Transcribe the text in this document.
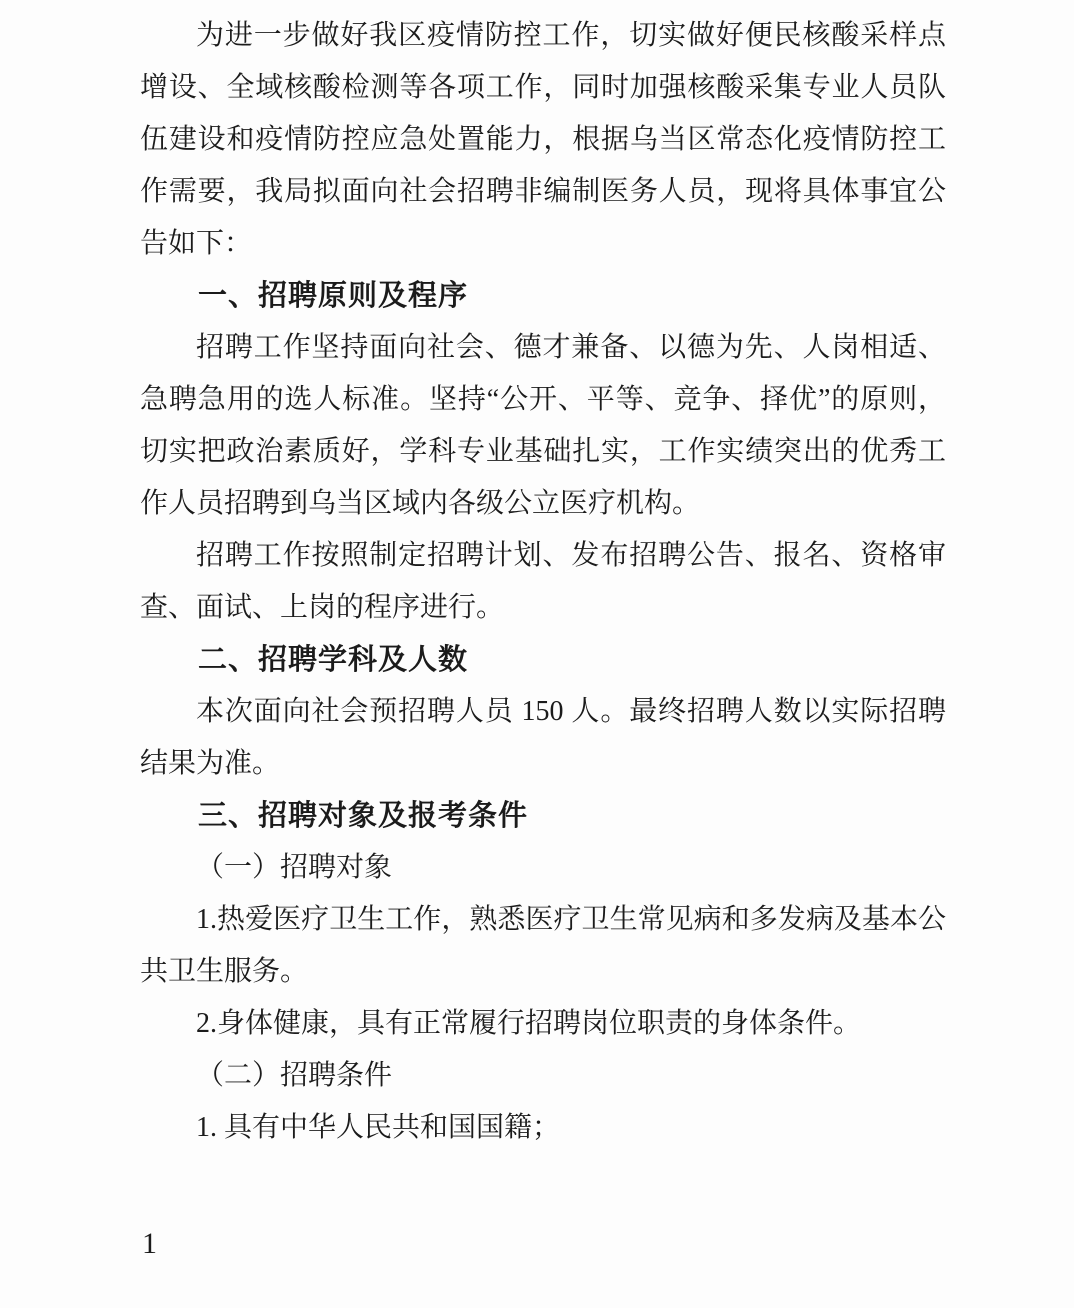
为进一步做好我区疫情防控工作，切实做好便民核酸采样点增设、全域核酸检测等各项工作，同时加强核酸采集专业人员队伍建设和疫情防控应急处置能力，根据乌当区常态化疫情防控工作需要，我局拟面向社会招聘非编制医务人员，现将具体事宜公告如下：

一、招聘原则及程序

招聘工作坚持面向社会、德才兼备、以德为先、人岗相适、急聘急用的选人标准。坚持“公开、平等、竞争、择优”的原则，切实把政治素质好，学科专业基础扎实，工作实绩突出的优秀工作人员招聘到乌当区域内各级公立医疗机构。

招聘工作按照制定招聘计划、发布招聘公告、报名、资格审查、面试、上岗的程序进行。

二、招聘学科及人数

本次面向社会预招聘人员 150 人。最终招聘人数以实际招聘结果为准。

三、招聘对象及报考条件

（一）招聘对象

1.热爱医疗卫生工作，熟悉医疗卫生常见病和多发病及基本公共卫生服务。

2.身体健康，具有正常履行招聘岗位职责的身体条件。

（二）招聘条件

1. 具有中华人民共和国国籍；

1
